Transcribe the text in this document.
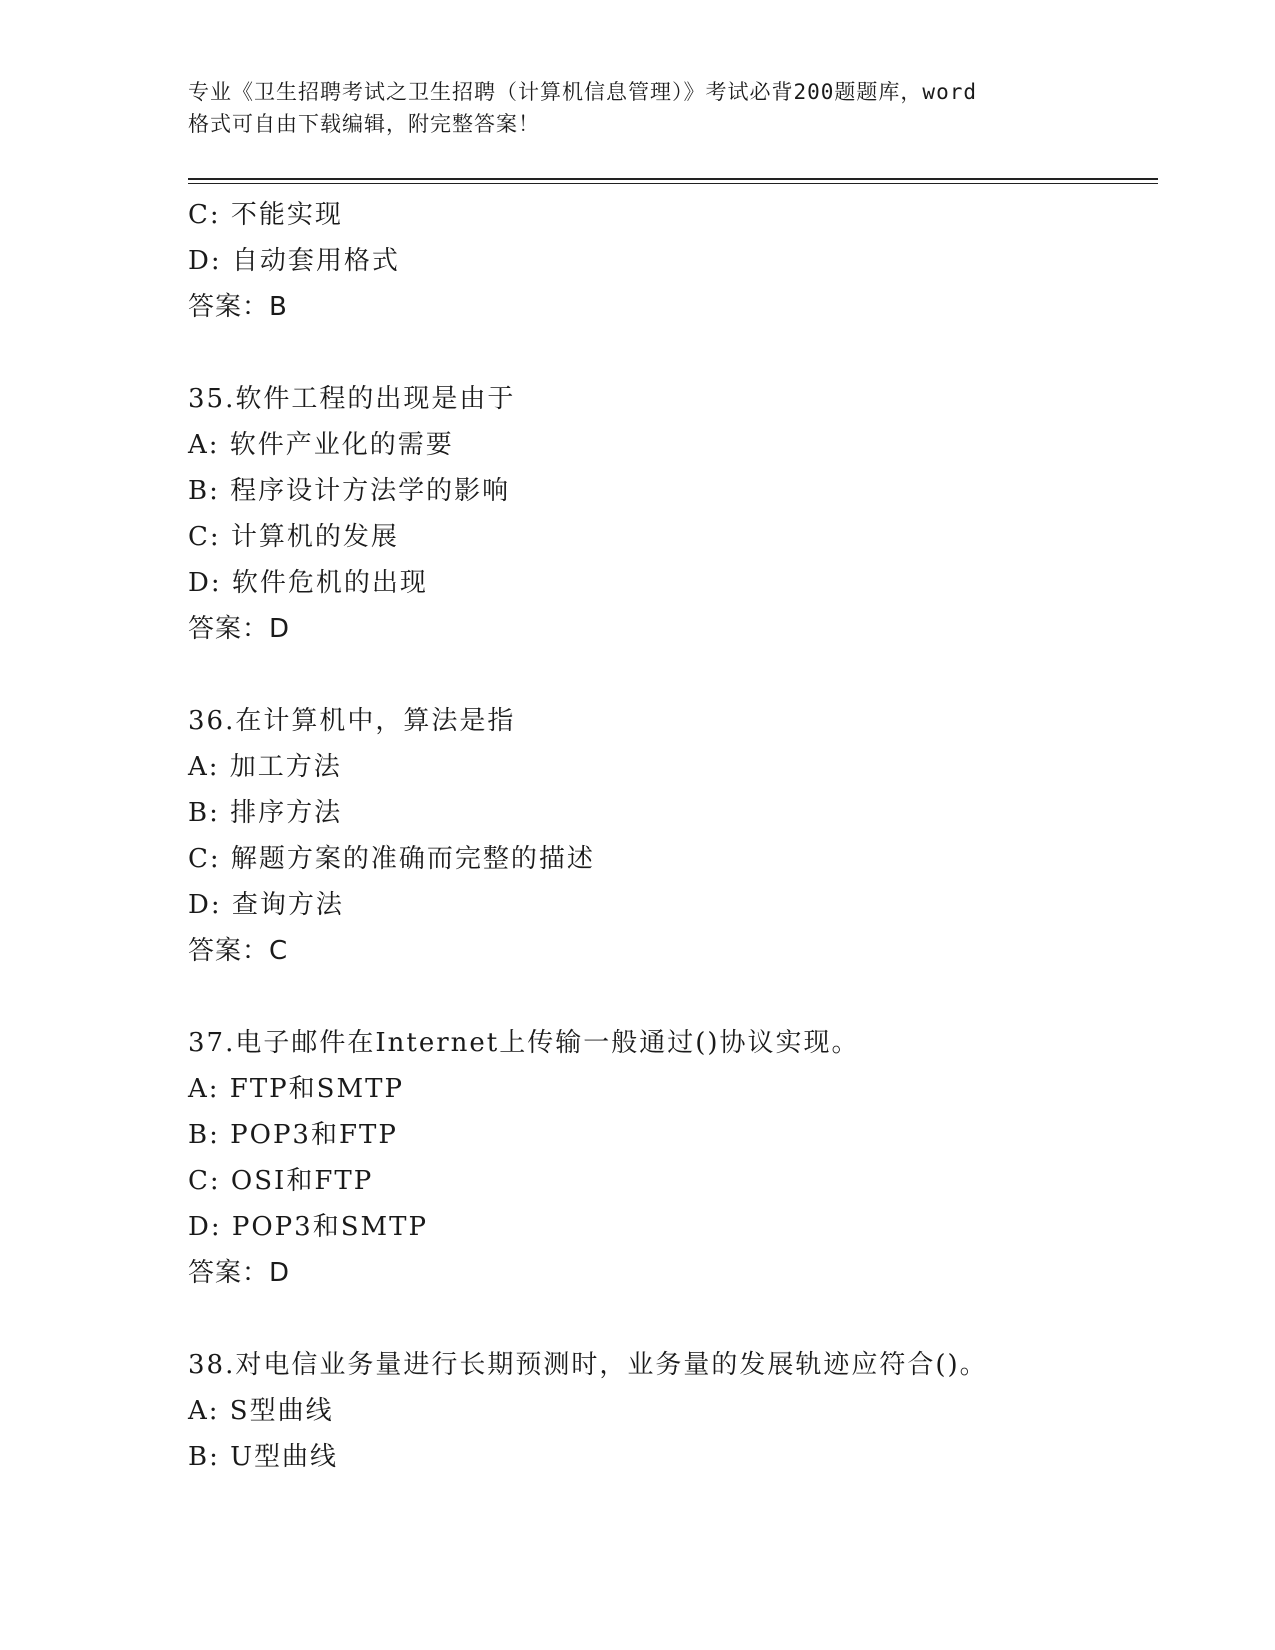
专业《卫生招聘考试之卫生招聘（计算机信息管理）》考试必背200题题库，word
格式可自由下载编辑，附完整答案！
C: 不能实现
D: 自动套用格式
答案：B
35.软件工程的出现是由于
A: 软件产业化的需要
B: 程序设计方法学的影响
C: 计算机的发展
D: 软件危机的出现
答案：D
36.在计算机中，算法是指
A: 加工方法
B: 排序方法
C: 解题方案的准确而完整的描述
D: 查询方法
答案：C
37.电子邮件在Internet上传输一般通过()协议实现。
A: FTP和SMTP
B: POP3和FTP
C: OSI和FTP
D: POP3和SMTP
答案：D
38.对电信业务量进行长期预测时，业务量的发展轨迹应符合()。
A: S型曲线
B: U型曲线
